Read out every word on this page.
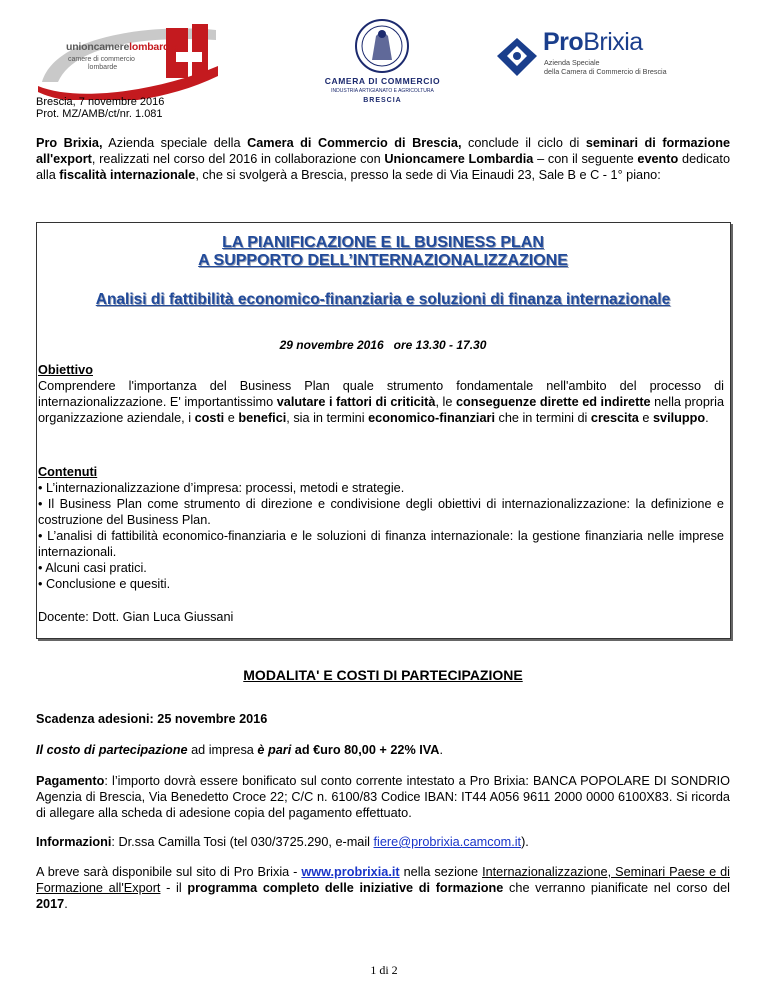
unioncamerelombardia
camere di commercio
lombarde
CAMERA DI COMMERCIO
INDUSTRIA ARTIGIANATO E AGRICOLTURA
BRESCIA
ProBrixia
Azienda Speciale
della Camera di Commercio di Brescia
Brescia, 7 novembre 2016
Prot. MZ/AMB/ct/nr. 1.081

Pro Brixia, Azienda speciale della Camera di Commercio di Brescia, conclude il ciclo di seminari di formazione all'export, realizzati nel corso del 2016 in collaborazione con Unioncamere Lombardia – con il seguente evento dedicato alla fiscalità internazionale, che si svolgerà a Brescia, presso la sede di Via Einaudi 23, Sale B e C - 1° piano:

LA PIANIFICAZIONE E IL BUSINESS PLAN
A SUPPORTO DELL’INTERNAZIONALIZZAZIONE
Analisi di fattibilità economico-finanziaria e soluzioni di finanza internazionale
29 novembre 2016   ore 13.30 - 17.30
Obiettivo

Comprendere l'importanza del Business Plan quale strumento fondamentale nell'ambito del processo di internazionalizzazione. E' importantissimo valutare i fattori di criticità, le conseguenze dirette ed indirette nella propria organizzazione aziendale, i costi e benefici, sia in termini economico-finanziari che in termini di crescita e sviluppo.

Contenuti
• L’internazionalizzazione d’impresa: processi, metodi e strategie.
• Il Business Plan come strumento di direzione e condivisione degli obiettivi di internazionalizzazione: la definizione e costruzione del Business Plan.
• L’analisi di fattibilità economico-finanziaria e le soluzioni di finanza internazionale: la gestione finanziaria nelle imprese internazionali.
• Alcuni casi pratici.
• Conclusione e quesiti.
Docente: Dott. Gian Luca Giussani
MODALITA' E COSTI DI PARTECIPAZIONE
Scadenza adesioni: 25 novembre 2016

Il costo di partecipazione ad impresa è pari ad €uro 80,00 + 22% IVA.

Pagamento: l’importo dovrà essere bonificato sul conto corrente intestato a Pro Brixia: BANCA POPOLARE DI SONDRIO Agenzia di Brescia, Via Benedetto Croce 22; C/C n. 6100/83 Codice IBAN: IT44 A056 9611 2000 0000 6100X83. Si ricorda di allegare alla scheda di adesione copia del pagamento effettuato.

Informazioni: Dr.ssa Camilla Tosi (tel 030/3725.290, e-mail fiere@probrixia.camcom.it).

A breve sarà disponibile sul sito di Pro Brixia - www.probrixia.it nella sezione Internazionalizzazione, Seminari Paese e di Formazione all'Export - il programma completo delle iniziative di formazione che verranno pianificate nel corso del 2017.

1 di 2
